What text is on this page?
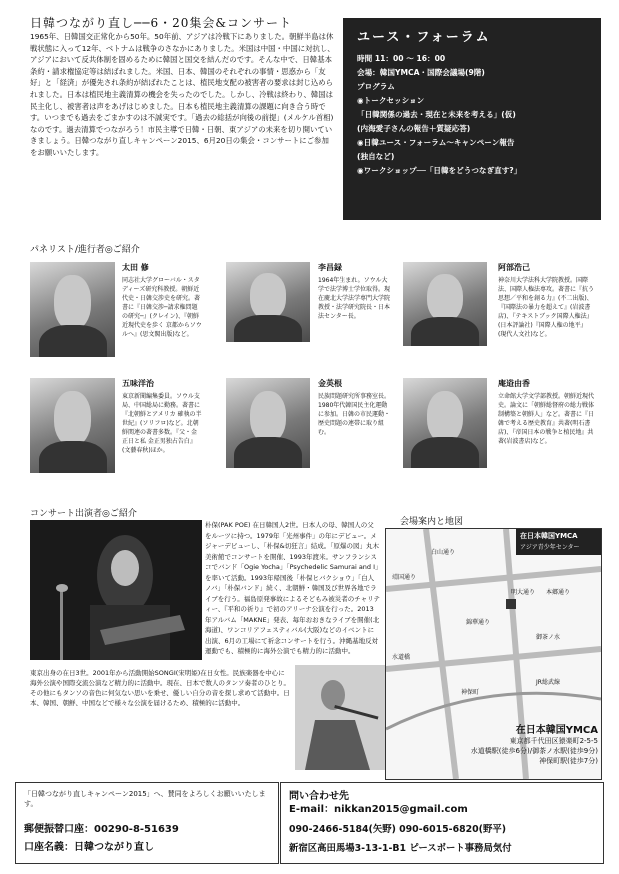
日韓つながり直し──6・20集会&コンサート
1965年、日韓国交正常化から50年。50年前、アジアは冷戦下にありました。朝鮮半島は休戦状態に入って12年、ベトナムは戦争のさなかにありました。米国は中国・中国に対抗し、アジアにおいて反共体制を固めるために韓国と国交を結んだのです。そんな中で、日韓基本条約・請求権協定等は結ばれました。米国、日本、韓国のそれぞれの事情・思惑から「友好」と「経済」が優先され条約が結ばれたことは、植民地支配の被害者の要求は封じ込められました。日本は植民地主義清算の機会を失ったのでした。しかし、冷戦は終わり、韓国は民主化し、被害者は声をあげはじめました。日本も植民地主義清算の課題に向き合う時です。いつまでも過去をごまかすのは不誠実です。「過去の総括が向後の前提」(メルケル首相)なのです。過去清算でつながろう！市民主導で日韓・日朝、東アジアの未来を切り開いていきましょう。日韓つながり直しキャンペーン2015、6月20日の集会・コンサートにご参加をお願いいたします。
ユース・フォーラム
時間 11：00 ～ 16：00
会場：韓国YMCA・国際会議場(9階)
プログラム
◉トークセッション
「日韓関係の過去・現在と未来を考える」(仮)
(内海愛子さんの報告＋質疑応答)
◉日韓ユース・フォーラム〜キャンペーン報告
(独自など)
◉ワークショップ──「日韓をどうつなぎ直す?」
パネリスト/進行者◎ご紹介
太田 修
同志社大学グローバル・スタディーズ研究科教授。朝鮮近代史・日韓交渉史を研究。著書に『日韓交渉─請求権問題の研究─』(クレイン)、『朝鮮近現代史を歩く 京都からソウルへ』(思文閣出版)など。
李昌録
1964年生まれ。ソウル大学で法学博士学位取得。現在慶北大学法学専門大学院教授・法学研究院長・日本法センター長。
阿部浩己
神奈川大学法科大学院教授。国際法、国際人権法専攻。著書に『抗う思想／平和を創る力』(不二出版)、『国際法の暴力を超えて』(岩波書店)、『テキストブック国際人権法』(日本評論社)『国際人権の地平』(現代人文社)など。
五味洋治
東京新聞編集委員。ソウル支局、中国総局に勤務。著書に『北朝鮮とアメリカ 確執の半世紀』(ソリフロ)など。北朝鮮関連の著書多数。『父・金正日と私 金正男独占告白』(文藝春秋)ほか。
金英根
民族問題研究所事務室長。1980年代韓国民主化運動に参加。日韓の市民運動・歴史問題の連帯に取り組む。
庵逧由香
立命館大学文学部教授。朝鮮近現代史。論文に「朝鮮総督府の総力戦体制構築と朝鮮人」など。著書に『日韓で考える歴史教育』共著(明石書店)、『帝国日本の戦争と植民地』共著(岩波書店)など。
コンサート出演者◎ご紹介
朴保(PAK POE) 在日韓国人2世。日本人の母、韓国人の父をルーツに持つ。1979年「光州事件」の年にデビュー。メジャーデビューし、「朴保&切狂言」結成。「原爆の図」丸木美術館でコンサートを開催、1993年渡米。サンフランシスコでバンド「Ogie Yocha」「Psychedelic Samurai and I」を率いて活動。1993年帰国後「朴保ヒバクショウ」「白人ノバ」「朴保バンド」続く、北朝鮮・韓国及び世界各地でライブを行う。福島原発事故によるそどもみ被災者のチャリティー、『平和の祈り』で初のアリーナ公演を行った。2013年アルバム「MAKNE」発表、毎年おおきなライブを開催(北海道)、ワンコリアフェスティバル(大阪)などのイベントに出演、6月の工場にて祈念コンサートを行う。沖縄基地反対運動でも、積極的に海外公演でも精力的に活動中。
東京出身の在日3世。2001年から活動開始SONGI(宋明姫)在日女性。民族楽器を中心に海外公演や国際交流公演など精力的に活動中。現在、日本で数人のタンソ奏者のひとり。その他にもタンソの音色に何気ない思いを乗せ、優しい自分の音を探し求めて活動中。日本、韓国、朝鮮、中国などで様々な公演を届けるため、積極的に活動中。
会場案内と地図
在日本韓国YMCA
アジア青少年センター
靖国通り
白山通り
水道橋
神保町
御茶ノ水
JR総武線
明大通り 本郷通り
錦華通り
在日本韓国YMCA
東京都千代田区猿楽町2-5-5
水道橋駅(徒歩6分)/御茶ノ水駅(徒歩9分)
神保町駅(徒歩7分)
「日韓つながり直しキャンペーン2015」へ、賛同をよろしくお願いいたします。
郵便振替口座：00290-8-51639
口座名義：日韓つながり直し
問い合わせ先
E-mail：nikkan2015@gmail.com
090-2466-5184(矢野) 090-6015-6820(野平)
新宿区高田馬場3-13-1-B1 ピースボート事務局気付
